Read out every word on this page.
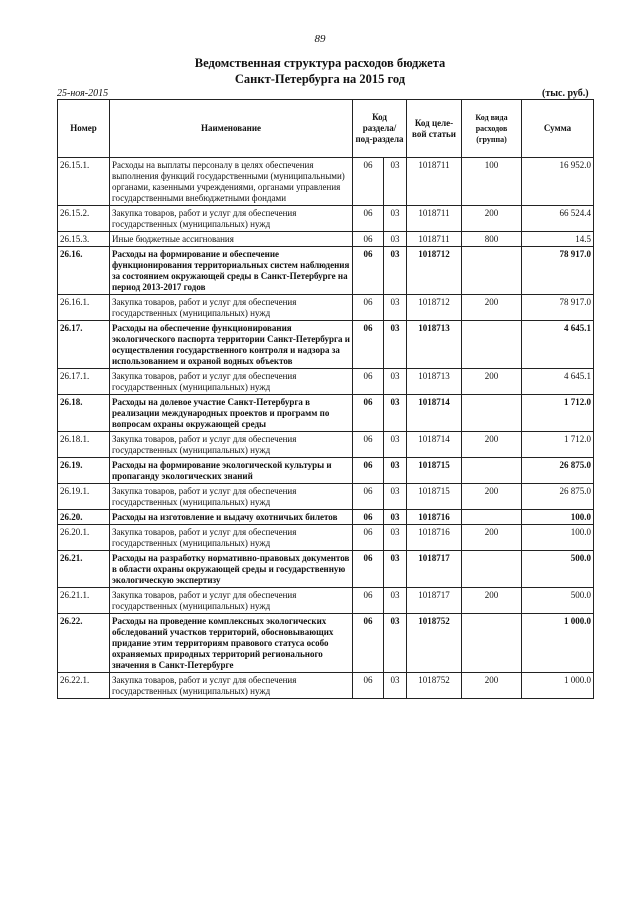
89
Ведомственная структура расходов бюджета
Санкт-Петербурга на 2015 год
25-ноя-2015	(тыс. руб.)
Номер	Наименование	Код раздела/ под-раздела		Код целе-вой статьи	Код вида расходов (группа)	Сумма
26.15.1.	Расходы на выплаты персоналу в целях обеспечения выполнения функций государственными (муниципальными) органами, казенными учреждениями, органами управления государственными внебюджетными фондами	06	03	1018711	100	16 952.0
26.15.2.	Закупка товаров, работ и услуг для обеспечения государственных (муниципальных) нужд	06	03	1018711	200	66 524.4
26.15.3.	Иные бюджетные ассигнования	06	03	1018711	800	14.5
26.16.	Расходы на формирование и обеспечение функционирования территориальных систем наблюдения за состоянием окружающей среды в Санкт-Петербурге на период 2013-2017 годов	06	03	1018712		78 917.0
26.16.1.	Закупка товаров, работ и услуг для обеспечения государственных (муниципальных) нужд	06	03	1018712	200	78 917.0
26.17.	Расходы на обеспечение функционирования экологического паспорта территории Санкт-Петербурга и осуществления государственного контроля и надзора за использованием и охраной водных объектов	06	03	1018713		4 645.1
26.17.1.	Закупка товаров, работ и услуг для обеспечения государственных (муниципальных) нужд	06	03	1018713	200	4 645.1
26.18.	Расходы на долевое участие Санкт-Петербурга в реализации международных проектов и программ по вопросам охраны окружающей среды	06	03	1018714		1 712.0
26.18.1.	Закупка товаров, работ и услуг для обеспечения государственных (муниципальных) нужд	06	03	1018714	200	1 712.0
26.19.	Расходы на формирование экологической культуры и пропаганду экологических знаний	06	03	1018715		26 875.0
26.19.1.	Закупка товаров, работ и услуг для обеспечения государственных (муниципальных) нужд	06	03	1018715	200	26 875.0
26.20.	Расходы на изготовление и выдачу охотничьих билетов	06	03	1018716		100.0
26.20.1.	Закупка товаров, работ и услуг для обеспечения государственных (муниципальных) нужд	06	03	1018716	200	100.0
26.21.	Расходы на разработку нормативно-правовых документов в области охраны окружающей среды и государственную экологическую экспертизу	06	03	1018717		500.0
26.21.1.	Закупка товаров, работ и услуг для обеспечения государственных (муниципальных) нужд	06	03	1018717	200	500.0
26.22.	Расходы на проведение комплексных экологических обследований участков территорий, обосновывающих придание этим территориям правового статуса особо охраняемых природных территорий регионального значения в Санкт-Петербурге	06	03	1018752		1 000.0
26.22.1.	Закупка товаров, работ и услуг для обеспечения государственных (муниципальных) нужд	06	03	1018752	200	1 000.0
